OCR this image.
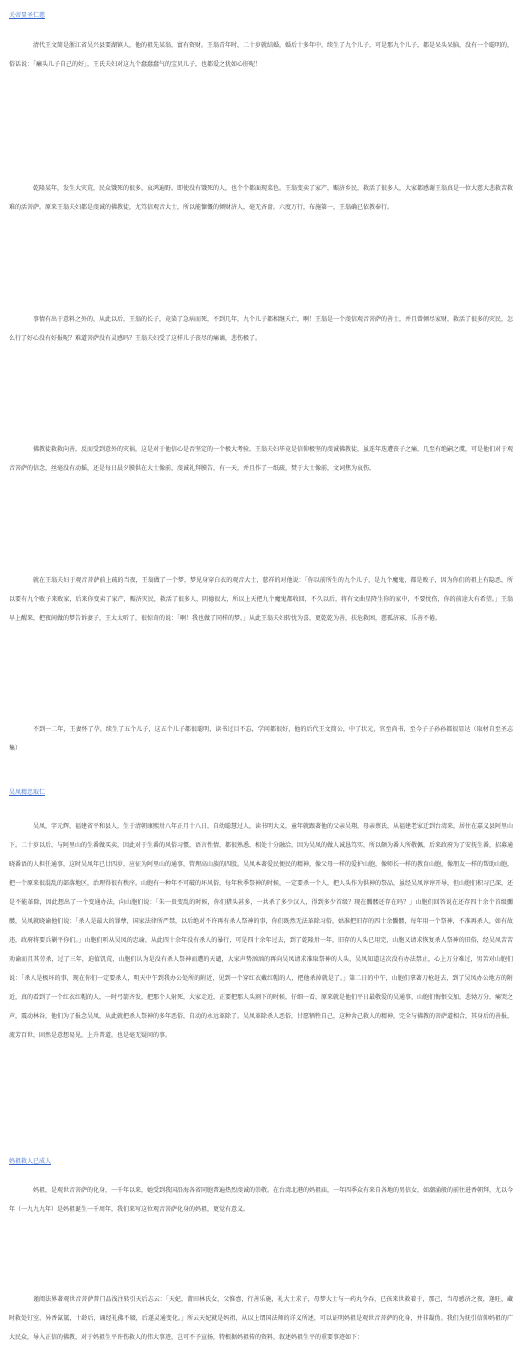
关帝显圣仁慈

清代王文简是浙江省吴兴县要湖镇人，他的祖先某翁，富有资财。王翁青年时，二十岁就结婚，婚后十多年中，续生了九个儿子，可是那九个儿子，都是呆头呆脑，没有一个聪明的，俗话说：「癞头儿子自己的好」，王氏夫妇对这九个蠢蠢蠢气的宝贝儿子，也都爱之犹如心肝呢！

乾隆某年，发生大灾荒，民众饿死的很多，哀鸿遍野。即使没有饿死的人，也个个都面现菜色。王翁变卖了家产，赈济乡民，救活了很多人，大家都感谢王翁真是一位大慈大悲救苦救难的活菩萨。原来王翁夫妇都是虔诚的佛教徒，尤笃信观音大士，所以能慷慨的倾财济人，毫无吝啬。六度万行，布施第一，王翁确已依教奉行。

事情有出于意料之外的，从此以后，王翁的长子，竟染了急病而死，不到几年，九个儿子都相继夭亡，啊！王翁是一个虔信观音菩萨的善士，并且曾倾尽家财，救活了很多的灾民，怎么行了好心没有好报呢？难道菩萨没有灵感吗？王翁夫妇受了这样儿子丧尽的痛谪，悲伤极了。

佛教徒救救向善，反而受到意外的灾祸，这是对于他信心是否坚定的一个极大考验。王翁夫妇毕竟是信仰极坚的虔诚佛教徒，虽连年迭遭丧子之痛，几至有绝嗣之虞，可是他们对于观音菩萨的信念，丝毫没有动摇，还是每日晨夕膜供在大士像前，虔诚礼拜膜告，有一天，并且作了一纸疏，焚于大士像前，文词焦为哀伤。

就在王翁夫妇于观音菩萨前上疏的当夜，王翁做了一个梦，梦见身穿白衣的观音大士，慈祥的对他说：「你以前所生的九个儿子，是九个魔鬼，都是败子，因为你们的祖上有隐恶，所以要有九个败子来败家，后来你变卖了家产，赈济灾民，救活了很多人，阴德很大，所以上天把九个魔鬼都收回，不久以后，将有文曲星降生你的家中，不要忧伤，你的前途大有希望。」王翁早上醒来，把夜间做的梦告诉妻子，王太太听了，很惊奇的说：「啊！我也做了同样的梦。」从此王翁夫妇转忧为喜，更乾乾为善，扶危救困，慈孤济寡，乐善不倦。

不到一二年，王妻怀了孕，续生了五个儿子，这五个儿子都很聪明，读书过目不忘，学问都很好，他的后代王文简公，中了状元，官至尚书，至今子子孙孙都很显达（取材自至圣志集）

吴凤精忠取仁

吴凤，字元辉，福建省平和县人，生于清朝康熙卅八年正月十八日，自幼聪慧过人，读书明大义，童年就跟著他的父亲吴翔，母亲蔡氏，从福建老家迁到台湾来，居住在嘉义县阿里山下。二十岁以后，与阿里山的生番做买卖，因此对于生番的风俗习惯，语言性情，都很熟悉，相处十分融洽，因为吴凤的做人诚恳笃实，所以颇为番人所敬佩，后来政府为了安抚生番，招募通晓番语的人担任通事，这时吴凤年已廿四岁，应征为阿里山的通事，管理高山族的四股。吴凤本著爱民便民的精神，像父母一样的爱护山胞，像师长一样的教育山胞，像朋友一样的帮助山胞，把一个原来很混乱的部落地区，治理得很有秩序。山胞有一种年不可破的坏风俗，每年秋季祭神的时候，一定要杀一个人，把人头作为供神的祭品，虽经吴凤谆谆开导，但山胞们积习已深，还是不能革除，因此想出了一个变通办法，向山胞们说：「朱一贵变乱的时候，你们猎头甚多，一共杀了多少汉人，得到多少首级？现在髑髅还存在吗？」山胞们回答说在还存四十余个首级髑髅，吴凤就晓谕他们说：「杀人是最大的罪孽，国家法律所严禁，以后绝对不许再有杀人祭神的事，你们既然无法革除习俗，姑准把旧存的四十余髑髅，每年用一个祭神，不准再杀人，如有故违，政府将要兵剿平你们。」山胞们听从吴凤的忠谕，从此四十余年没有杀人的暴行，可是四十余年过去，到了乾隆卅一年，旧存的人头已用完，山胞又请求恢复杀人祭神的旧俗，经吴凤苦苦劝谕而且其劳杀，过了三年，迫值饥荒，山胞们认为是没有杀人祭神而遭的天谴，大家声势汹汹的再向吴凤请求准取祭神的人头，吴凤知道这次没有办法禁止，心上万分难过，男苦对山胞们说：「杀人是极坏的事，现在你们一定要杀人，明天中午到我办公处所的附近，见到一个穿红衣戴红帽的人，把他杀掉就是了。」第二日的中午，山胞们拿著刀枪赶去，到了吴凤办公地方的附近，真的看到了一个红衣红帽的人，一时弓箭齐发，把那个人射死，大家走近，正要把那人头割下的时候，仔细一看，原来就是他们平日最敬爱的吴通事，山胞们悔恨交加，悲恸万分，痛哭之声，震动林谷，他们为了报念吴凤，从此就把杀人祭神的多年恶俗，自动的永远革除了。吴凤革除杀人恶俗，甘愿牺牲自己，这种舍己救人的精神，完全与佛教的菩萨道相合，其身后的善报，流芳百世，固然是意想易见，上升普道，也是毫无疑问的事。

妈祖救人已成人

妈祖，是观世音菩萨的化身，一千年以来，她受到我国沿海各省同胞普遍热烈虔诚的崇敬。在台湾北港的妈祖庙，一年四季众有来自各地的男信女，如潮涌般的前往进香朝拜，尤以今年（一九九九年）是妈祖诞生一千周年，我们来写这位观音菩萨化身的妈祖，更觉有意义。

谨阅法界著观世音菩萨普门品浅注转引天后志云：「天妃，莆田林氏女，父惟悫，行善乐施，礼大士求子，母梦大士与一药丸令吞，已孩来世救着于，那己，当母感济之夜，逢旺，藏时救处钉室，异香氤氲，十龄后，诵经礼佛不辍，后遂灵通变化。」所云天妃就是妈祖，从以上谓国法师的详义所述，可以证明妈祖是观世音菩萨的化身，并非凝伪。我们为抚引信仰妈祖的广大民众，导入正信的佛教，对于妈祖生平许伤救人的伟大事迹，岂可不予宣扬，特根据妈祖传的资料，叙述妈祖生平的重要事迹如下：
